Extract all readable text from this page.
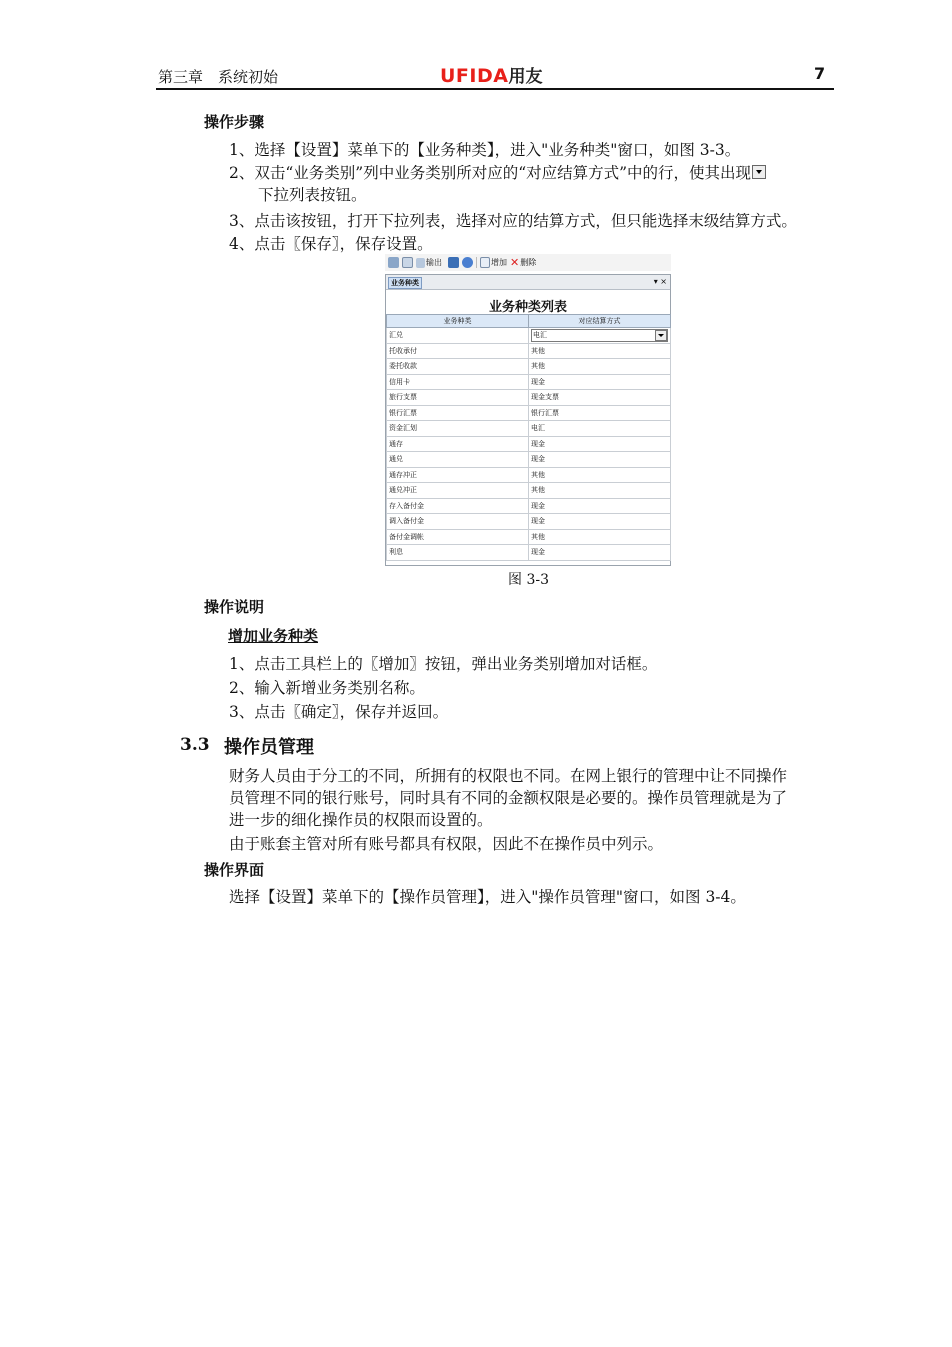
第三章　系统初始	UFIDA用友	7
操作步骤
1、选择【设置】菜单下的【业务种类】，进入"业务种类"窗口，如图 3-3。
2、双击“业务类别”列中业务类别所对应的“对应结算方式”中的行，使其出现
下拉列表按钮。
3、点击该按钮，打开下拉列表，选择对应的结算方式，但只能选择末级结算方式。
4、点击〖保存〗，保存设置。
输出	增加 ✕ 删除
业务种类	▾ ×
业务种类列表
业务种类	对应结算方式
汇兑	电汇

托收承付	其他
委托收款	其他
信用卡	现金
旅行支票	现金支票
银行汇票	银行汇票
资金汇划	电汇
通存	现金
通兑	现金
通存冲正	其他
通兑冲正	其他
存入备付金	现金
调入备付金	现金
备付金调帐	其他
利息	现金
图 3-3
操作说明
增加业务种类
1、点击工具栏上的〖增加〗按钮，弹出业务类别增加对话框。
2、输入新增业务类别名称。
3、点击〖确定〗，保存并返回。
3.3 操作员管理
财务人员由于分工的不同，所拥有的权限也不同。在网上银行的管理中让不同操作
员管理不同的银行账号，同时具有不同的金额权限是必要的。操作员管理就是为了
进一步的细化操作员的权限而设置的。
由于账套主管对所有账号都具有权限，因此不在操作员中列示。
操作界面
选择【设置】菜单下的【操作员管理】，进入"操作员管理"窗口，如图 3-4。
